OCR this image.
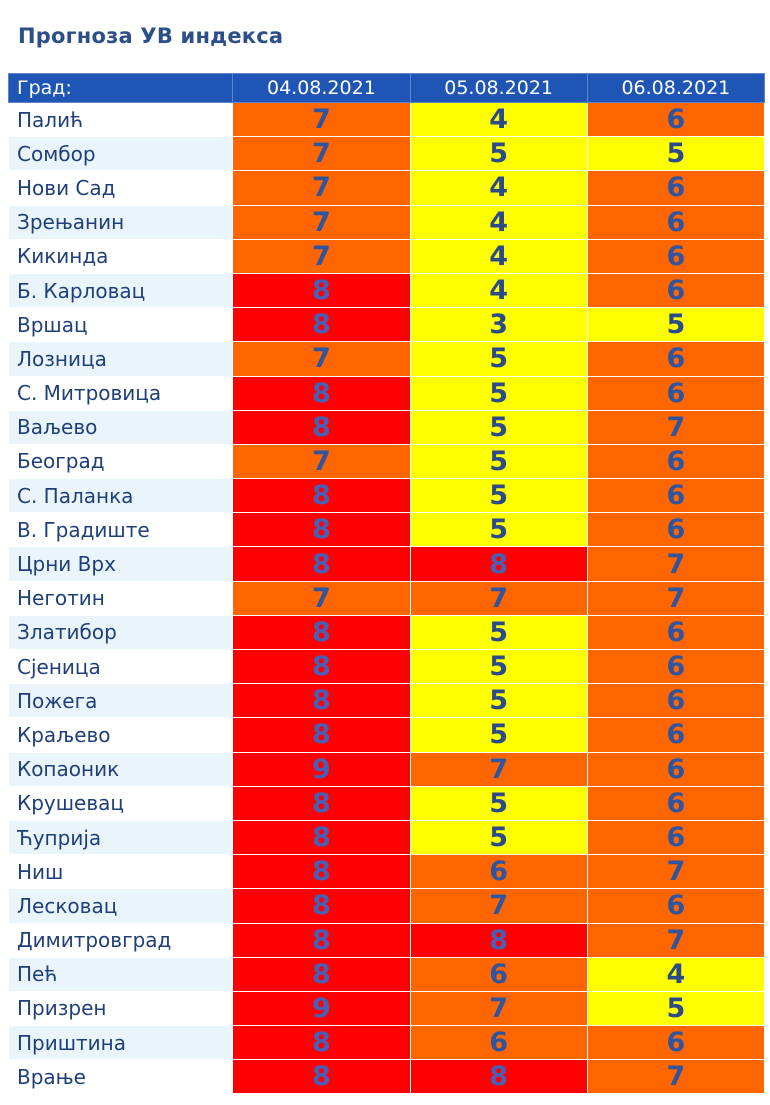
Прогноза УВ индекса
Град:	04.08.2021	05.08.2021	06.08.2021
Палић	7	4	6
Сомбор	7	5	5
Нови Сад	7	4	6
Зрењанин	7	4	6
Кикинда	7	4	6
Б. Карловац	8	4	6
Вршац	8	3	5
Лозница	7	5	6
С. Митровица	8	5	6
Ваљево	8	5	7
Београд	7	5	6
С. Паланка	8	5	6
В. Градиште	8	5	6
Црни Врх	8	8	7
Неготин	7	7	7
Златибор	8	5	6
Сјеница	8	5	6
Пожега	8	5	6
Краљево	8	5	6
Копаоник	9	7	6
Крушевац	8	5	6
Ћуприја	8	5	6
Ниш	8	6	7
Лесковац	8	7	6
Димитровград	8	8	7
Пећ	8	6	4
Призрен	9	7	5
Приштина	8	6	6
Врање	8	8	7
